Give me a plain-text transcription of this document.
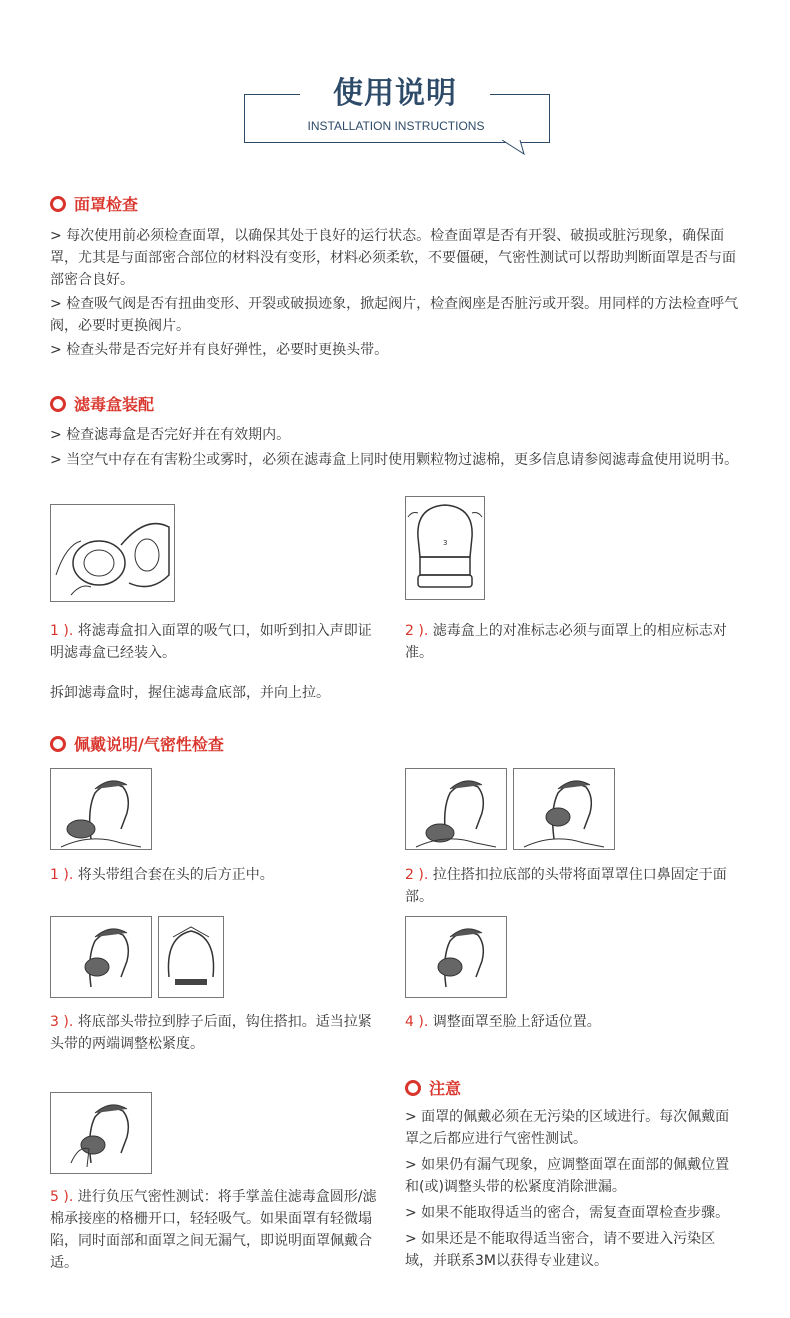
使用说明
INSTALLATION INSTRUCTIONS
面罩检查
> 每次使用前必须检查面罩，以确保其处于良好的运行状态。检查面罩是否有开裂、破损或脏污现象，确保面罩，尤其是与面部密合部位的材料没有变形，材料必须柔软，不要僵硬，气密性测试可以帮助判断面罩是否与面部密合良好。
> 检查吸气阀是否有扭曲变形、开裂或破损迹象，掀起阀片，检查阀座是否脏污或开裂。用同样的方法检查呼气阀，必要时更换阀片。
> 检查头带是否完好并有良好弹性，必要时更换头带。
滤毒盒装配
> 检查滤毒盒是否完好并在有效期内。
> 当空气中存在有害粉尘或雾时，必须在滤毒盒上同时使用颗粒物过滤棉，更多信息请参阅滤毒盒使用说明书。
3
1 ). 将滤毒盒扣入面罩的吸气口，如听到扣入声即证明滤毒盒已经装入。
2 ). 滤毒盒上的对准标志必须与面罩上的相应标志对准。
拆卸滤毒盒时，握住滤毒盒底部，并向上拉。
佩戴说明/气密性检查
1 ). 将头带组合套在头的后方正中。	2 ). 拉住搭扣拉底部的头带将面罩罩住口鼻固定于面部。
3 ). 将底部头带拉到脖子后面，钩住搭扣。适当拉紧头带的两端调整松紧度。
4 ). 调整面罩至脸上舒适位置。
注意
> 面罩的佩戴必须在无污染的区域进行。每次佩戴面罩之后都应进行气密性测试。
> 如果仍有漏气现象，应调整面罩在面部的佩戴位置和(或)调整头带的松紧度消除泄漏。
> 如果不能取得适当的密合，需复查面罩检查步骤。
> 如果还是不能取得适当密合，请不要进入污染区域，并联系3M以获得专业建议。
5 ). 进行负压气密性测试：将手掌盖住滤毒盒圆形/滤棉承接座的格栅开口，轻轻吸气。如果面罩有轻微塌陷，同时面部和面罩之间无漏气，即说明面罩佩戴合适。
